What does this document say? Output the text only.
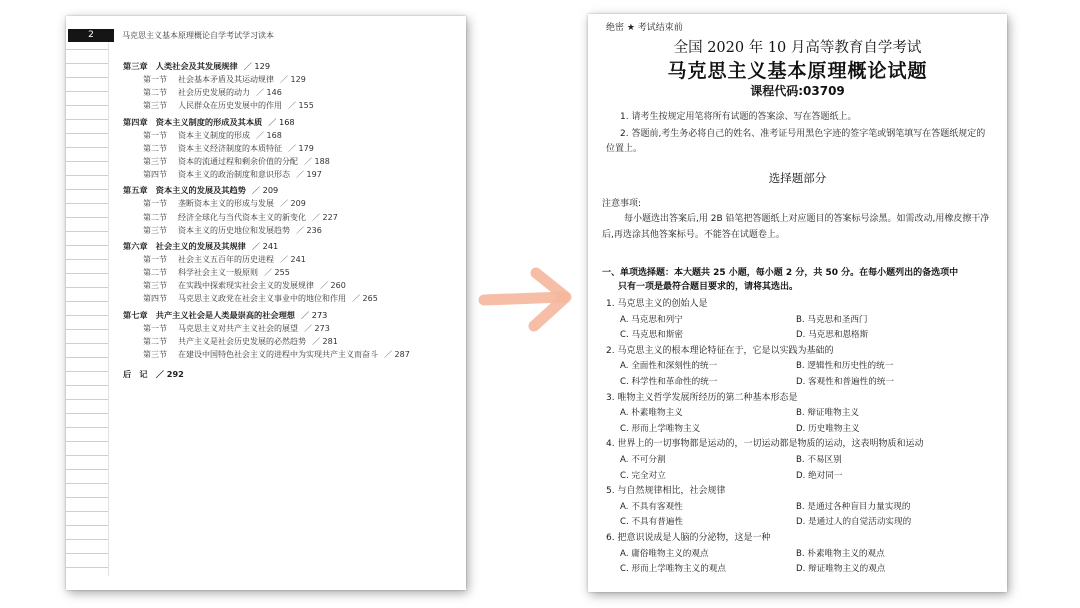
2	马克思主义基本原理概论自学考试学习读本
第三章　人类社会及其发展规律 ／ 129
第一节 社会基本矛盾及其运动规律 ／ 129
第二节 社会历史发展的动力 ／ 146
第三节 人民群众在历史发展中的作用 ／ 155
第四章　资本主义制度的形成及其本质 ／ 168
第一节 资本主义制度的形成 ／ 168
第二节 资本主义经济制度的本质特征 ／ 179
第三节 资本的流通过程和剩余价值的分配 ／ 188
第四节 资本主义的政治制度和意识形态 ／ 197
第五章　资本主义的发展及其趋势 ／ 209
第一节 垄断资本主义的形成与发展 ／ 209
第二节 经济全球化与当代资本主义的新变化 ／ 227
第三节 资本主义的历史地位和发展趋势 ／ 236
第六章　社会主义的发展及其规律 ／ 241
第一节 社会主义五百年的历史进程 ／ 241
第二节 科学社会主义一般原则 ／ 255
第三节 在实践中探索现实社会主义的发展规律 ／ 260
第四节 马克思主义政党在社会主义事业中的地位和作用 ／ 265
第七章　共产主义社会是人类最崇高的社会理想 ／ 273
第一节 马克思主义对共产主义社会的展望 ／ 273
第二节 共产主义是社会历史发展的必然趋势 ／ 281
第三节 在建设中国特色社会主义的进程中为实现共产主义而奋斗 ／ 287
后　记　／ 292
绝密 ★ 考试结束前
全国 2020 年 10 月高等教育自学考试
马克思主义基本原理概论试题
课程代码:03709
1. 请考生按规定用笔将所有试题的答案涂、写在答题纸上。
2. 答题前,考生务必将自己的姓名、准考证号用黑色字迹的签字笔或钢笔填写在答题纸规定的位置上。
选择题部分
注意事项:
每小题选出答案后,用 2B 铅笔把答题纸上对应题目的答案标号涂黑。如需改动,用橡皮擦干净后,再选涂其他答案标号。不能答在试题卷上。
一、单项选择题：本大题共 25 小题，每小题 2 分，共 50 分。在每小题列出的备选项中
只有一项是最符合题目要求的，请将其选出。
1. 马克思主义的创始人是
A. 马克思和列宁	B. 马克思和圣西门
C. 马克思和斯密	D. 马克思和恩格斯
2. 马克思主义的根本理论特征在于，它是以实践为基础的
A. 全面性和深刻性的统一	B. 逻辑性和历史性的统一
C. 科学性和革命性的统一	D. 客观性和普遍性的统一
3. 唯物主义哲学发展所经历的第二种基本形态是
A. 朴素唯物主义	B. 辩证唯物主义
C. 形而上学唯物主义	D. 历史唯物主义
4. 世界上的一切事物都是运动的，一切运动都是物质的运动，这表明物质和运动
A. 不可分割	B. 不易区别
C. 完全对立	D. 绝对同一
5. 与自然规律相比，社会规律
A. 不具有客观性	B. 是通过各种盲目力量实现的
C. 不具有普遍性	D. 是通过人的自觉活动实现的
6. 把意识说成是人脑的分泌物，这是一种
A. 庸俗唯物主义的观点	B. 朴素唯物主义的观点
C. 形而上学唯物主义的观点	D. 辩证唯物主义的观点
